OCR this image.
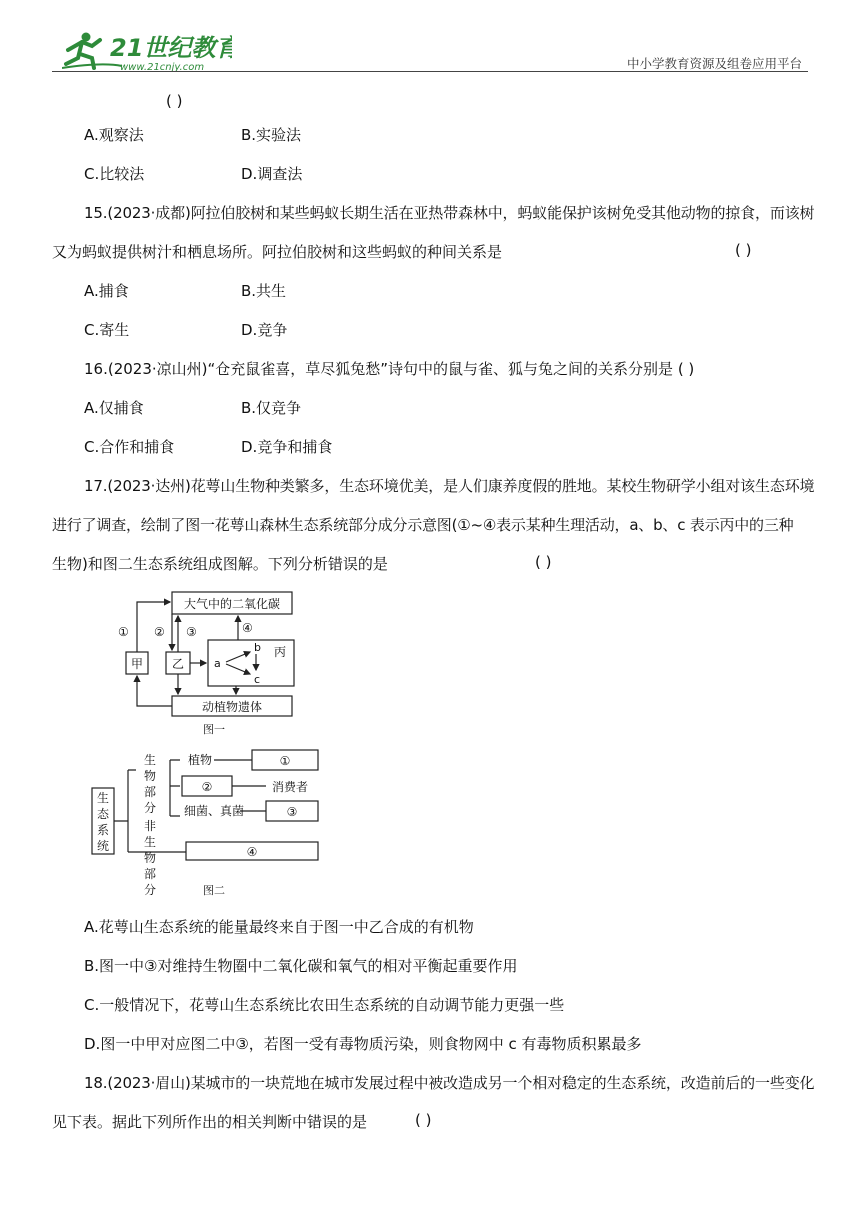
21世纪教育
www.21cnjy.com	中小学教育资源及组卷应用平台
( )
A.观察法	B.实验法
C.比较法	D.调查法
15.(2023·成都)阿拉伯胶树和某些蚂蚁长期生活在亚热带森林中，蚂蚁能保护该树免受其他动物的掠食，而该树
又为蚂蚁提供树汁和栖息场所。阿拉伯胶树和这些蚂蚁的种间关系是	( )
A.捕食	B.共生
C.寄生	D.竞争
16.(2023·凉山州)“仓充鼠雀喜，草尽狐兔愁”诗句中的鼠与雀、狐与兔之间的关系分别是 ( )
A.仅捕食	B.仅竞争
C.合作和捕食	D.竞争和捕食
17.(2023·达州)花萼山生物种类繁多，生态环境优美，是人们康养度假的胜地。某校生物研学小组对该生态环境
进行了调查，绘制了图一花萼山森林生态系统部分成分示意图(①~④表示某种生理活动，a、b、c 表示丙中的三种
生物)和图二生态系统组成图解。下列分析错误的是	( )
大气中的二氧化碳
① ② ③	④
甲 乙
丙
a
b
c
动植物遗体
图一
生
态
系
统
生
物
部
分
非
生
物
部
分
植物	①
②	消费者
细菌、真菌	③
④
图二
A.花萼山生态系统的能量最终来自于图一中乙合成的有机物
B.图一中③对维持生物圈中二氧化碳和氧气的相对平衡起重要作用
C.一般情况下，花萼山生态系统比农田生态系统的自动调节能力更强一些
D.图一中甲对应图二中③，若图一受有毒物质污染，则食物网中 c 有毒物质积累最多
18.(2023·眉山)某城市的一块荒地在城市发展过程中被改造成另一个相对稳定的生态系统，改造前后的一些变化
见下表。据此下列所作出的相关判断中错误的是	( )
